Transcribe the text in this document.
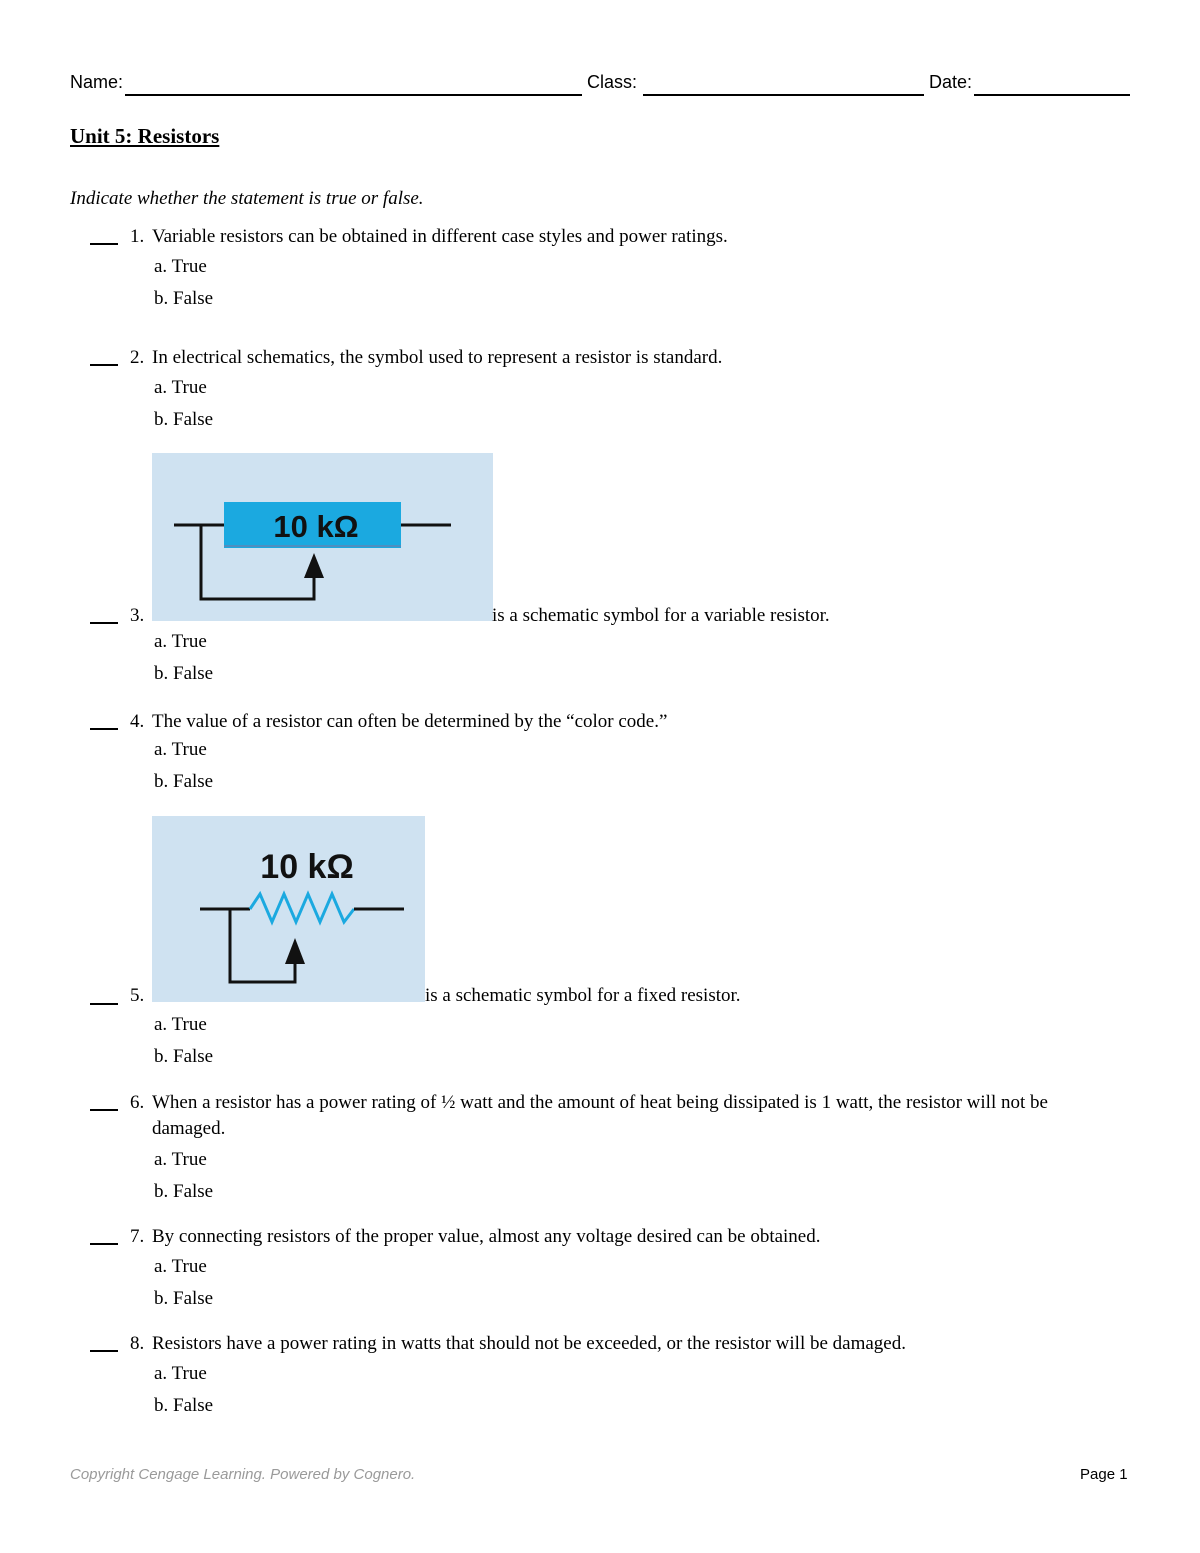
Name:	Class:	Date:
Unit 5: Resistors
Indicate whether the statement is true or false.
1. Variable resistors can be obtained in different case styles and power ratings.
a. True
b. False
2. In electrical schematics, the symbol used to represent a resistor is standard.
a. True
b. False
10 kΩ
3.	is a schematic symbol for a variable resistor.
a. True
b. False
4. The value of a resistor can often be determined by the “color code.”
a. True
b. False
10 kΩ
5.	is a schematic symbol for a fixed resistor.
a. True
b. False
6. When a resistor has a power rating of ½ watt and the amount of heat being dissipated is 1 watt, the resistor will not be damaged.
a. True
b. False
7. By connecting resistors of the proper value, almost any voltage desired can be obtained.
a. True
b. False
8. Resistors have a power rating in watts that should not be exceeded, or the resistor will be damaged.
a. True
b. False
Copyright Cengage Learning. Powered by Cognero.	Page 1
